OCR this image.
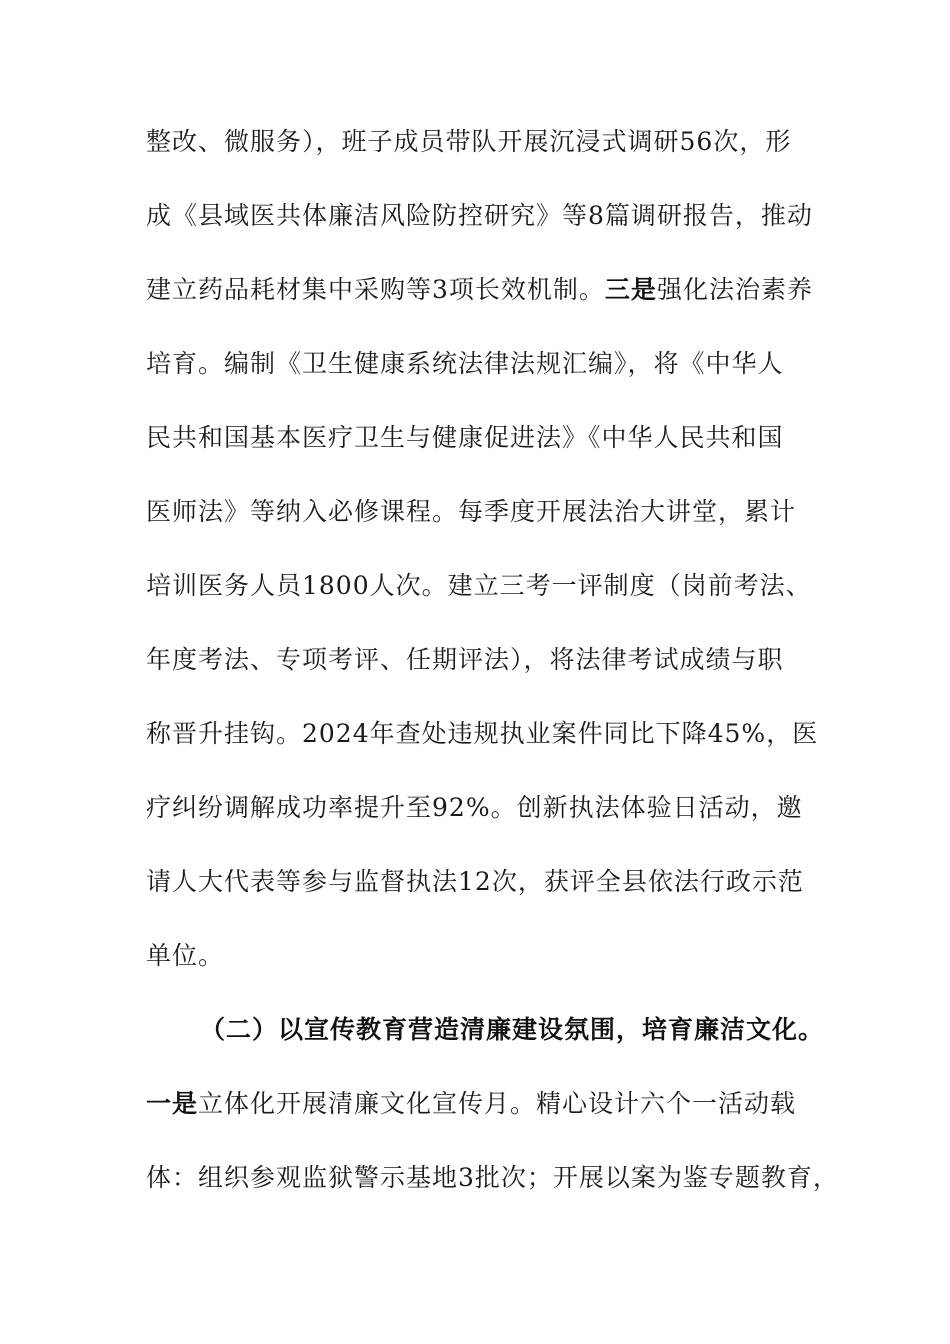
整改、微服务），班子成员带队开展沉浸式调研56次，形
成《县域医共体廉洁风险防控研究》等8篇调研报告，推动
建立药品耗材集中采购等3项长效机制。三是强化法治素养
培育。编制《卫生健康系统法律法规汇编》，将《中华人
民共和国基本医疗卫生与健康促进法》《中华人民共和国
医师法》等纳入必修课程。每季度开展法治大讲堂，累计
培训医务人员1800人次。建立三考一评制度（岗前考法、
年度考法、专项考评、任期评法），将法律考试成绩与职
称晋升挂钩。2024年查处违规执业案件同比下降45%，医
疗纠纷调解成功率提升至92%。创新执法体验日活动，邀
请人大代表等参与监督执法12次，获评全县依法行政示范
单位。
（二）以宣传教育营造清廉建设氛围，培育廉洁文化。
一是立体化开展清廉文化宣传月。精心设计六个一活动载
体：组织参观监狱警示基地3批次；开展以案为鉴专题教育，
